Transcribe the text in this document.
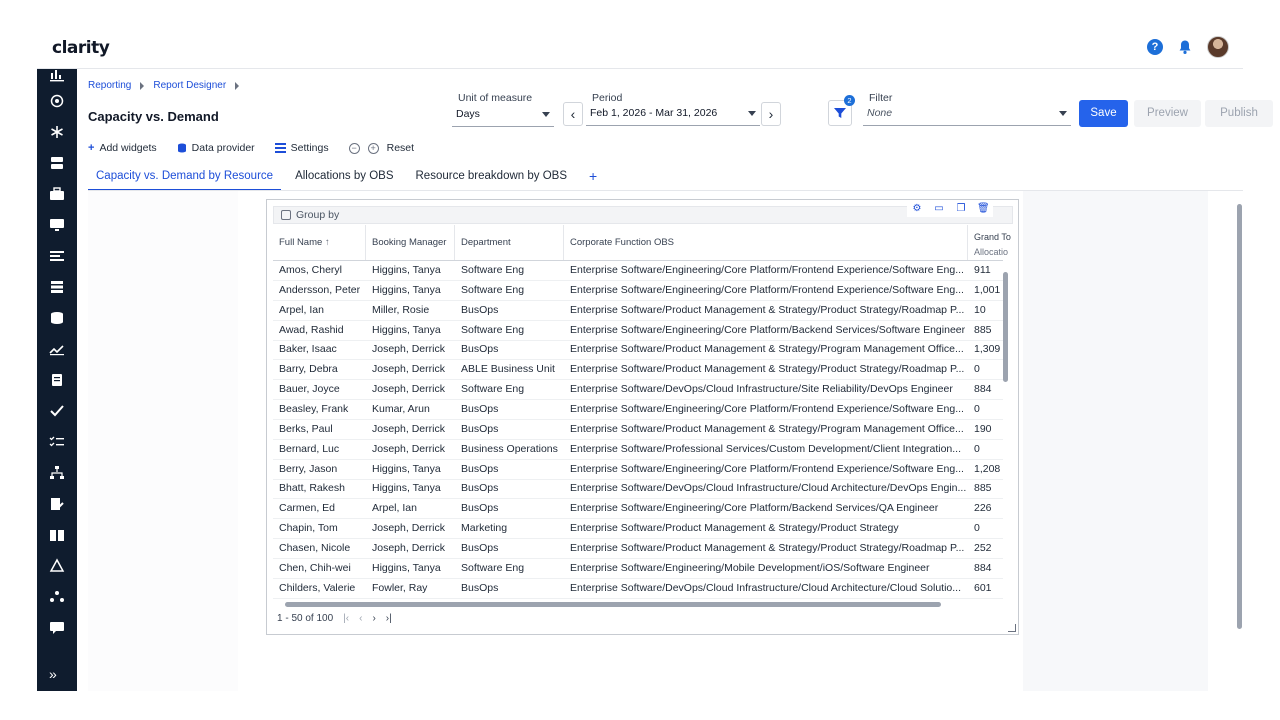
clarity	?
»
Reporting Report Designer
Capacity vs. Demand
Unit of measure
Days	‹
Period
Feb 1, 2026 - Mar 31, 2026	›
2	Filter
None	Save	Preview	Publish
+ Add widgets	Data provider	Settings	−	+ Reset
Capacity vs. Demand by Resource	Allocations by OBS	Resource breakdown by OBS	+
Group by
⚙ ▭ ❐ 🗑
Full Name ↑	Booking Manager	Department	Corporate Function OBS	Grand To
Allocatio
Amos, Cheryl	Higgins, Tanya	Software Eng	Enterprise Software/Engineering/Core Platform/Frontend Experience/Software Eng... 911
Andersson, Peter	Higgins, Tanya	Software Eng	Enterprise Software/Engineering/Core Platform/Frontend Experience/Software Eng... 1,001
Arpel, Ian	Miller, Rosie	BusOps	Enterprise Software/Product Management & Strategy/Product Strategy/Roadmap P... 10
Awad, Rashid	Higgins, Tanya	Software Eng	Enterprise Software/Engineering/Core Platform/Backend Services/Software Engineer 885
Baker, Isaac	Joseph, Derrick	BusOps	Enterprise Software/Product Management & Strategy/Program Management Office... 1,309
Barry, Debra	Joseph, Derrick	ABLE Business Unit	Enterprise Software/Product Management & Strategy/Product Strategy/Roadmap P... 0
Bauer, Joyce	Joseph, Derrick	Software Eng	Enterprise Software/DevOps/Cloud Infrastructure/Site Reliability/DevOps Engineer	884
Beasley, Frank	Kumar, Arun	BusOps	Enterprise Software/Engineering/Core Platform/Frontend Experience/Software Eng... 0
Berks, Paul	Joseph, Derrick	BusOps	Enterprise Software/Product Management & Strategy/Program Management Office... 190
Bernard, Luc	Joseph, Derrick	Business Operations	Enterprise Software/Professional Services/Custom Development/Client Integration...	0
Berry, Jason	Higgins, Tanya	BusOps	Enterprise Software/Engineering/Core Platform/Frontend Experience/Software Eng... 1,208
Bhatt, Rakesh	Higgins, Tanya	BusOps	Enterprise Software/DevOps/Cloud Infrastructure/Cloud Architecture/DevOps Engin... 885
Carmen, Ed	Arpel, Ian	BusOps	Enterprise Software/Engineering/Core Platform/Backend Services/QA Engineer	226
Chapin, Tom	Joseph, Derrick	Marketing	Enterprise Software/Product Management & Strategy/Product Strategy	0
Chasen, Nicole	Joseph, Derrick	BusOps	Enterprise Software/Product Management & Strategy/Product Strategy/Roadmap P... 252
Chen, Chih-wei	Higgins, Tanya	Software Eng	Enterprise Software/Engineering/Mobile Development/iOS/Software Engineer	884
Childers, Valerie	Fowler, Ray	BusOps	Enterprise Software/DevOps/Cloud Infrastructure/Cloud Architecture/Cloud Solutio...	601
1 - 50 of 100 |‹ ‹ › ›|
